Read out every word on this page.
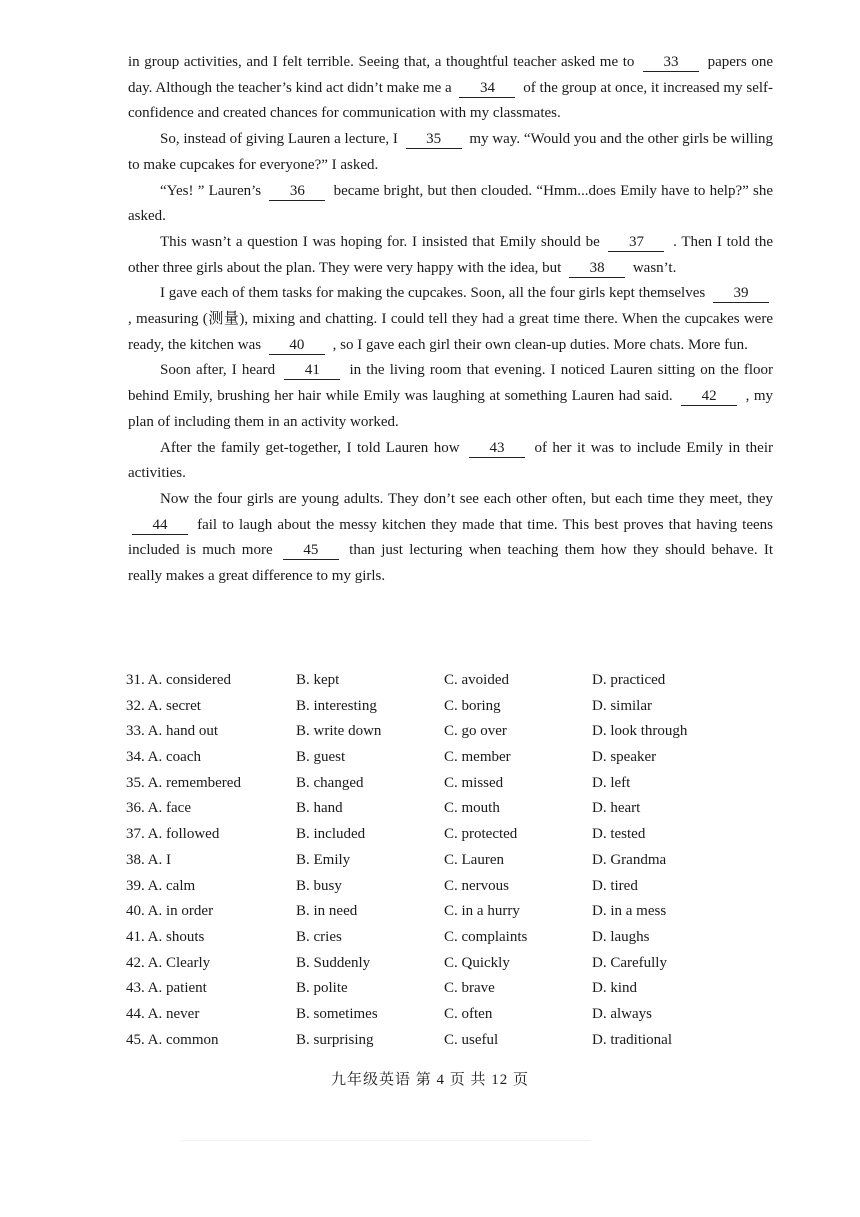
in group activities, and I felt terrible. Seeing that, a thoughtful teacher asked me to 33 papers one day. Although the teacher’s kind act didn’t make me a 34 of the group at once, it increased my self-confidence and created chances for communication with my classmates.

So, instead of giving Lauren a lecture, I 35 my way. “Would you and the other girls be willing to make cupcakes for everyone?” I asked.

“Yes! ” Lauren’s 36 became bright, but then clouded. “Hmm...does Emily have to help?” she asked.

This wasn’t a question I was hoping for. I insisted that Emily should be 37 . Then I told the other three girls about the plan. They were very happy with the idea, but 38 wasn’t.

I gave each of them tasks for making the cupcakes. Soon, all the four girls kept themselves 39 , measuring (测量), mixing and chatting. I could tell they had a great time there. When the cupcakes were ready, the kitchen was 40 , so I gave each girl their own clean-up duties. More chats. More fun.

Soon after, I heard 41 in the living room that evening. I noticed Lauren sitting on the floor behind Emily, brushing her hair while Emily was laughing at something Lauren had said. 42 , my plan of including them in an activity worked.

After the family get-together, I told Lauren how 43 of her it was to include Emily in their activities.

Now the four girls are young adults. They don’t see each other often, but each time they meet, they 44 fail to laugh about the messy kitchen they made that time. This best proves that having teens included is much more 45 than just lecturing when teaching them how they should behave. It really makes a great difference to my girls.

31. A. considered	B. kept	C. avoided	D. practiced
32. A. secret	B. interesting	C. boring	D. similar
33. A. hand out	B. write down	C. go over	D. look through
34. A. coach	B. guest	C. member	D. speaker
35. A. remembered	B. changed	C. missed	D. left
36. A. face	B. hand	C. mouth	D. heart
37. A. followed	B. included	C. protected	D. tested
38. A. I	B. Emily	C. Lauren	D. Grandma
39. A. calm	B. busy	C. nervous	D. tired
40. A. in order	B. in need	C. in a hurry	D. in a mess
41. A. shouts	B. cries	C. complaints	D. laughs
42. A. Clearly	B. Suddenly	C. Quickly	D. Carefully
43. A. patient	B. polite	C. brave	D. kind
44. A. never	B. sometimes	C. often	D. always
45. A. common	B. surprising	C. useful	D. traditional
九年级英语 第 4 页 共 12 页
